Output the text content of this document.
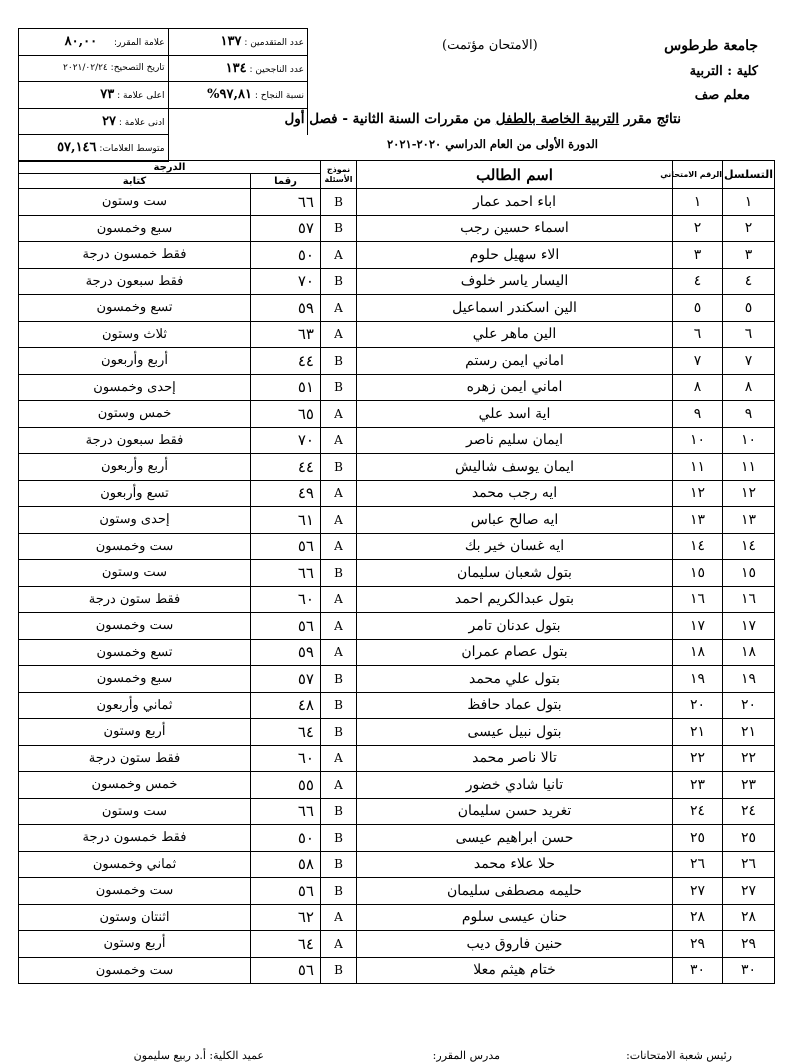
جامعة طرطوس
كلية : التربية
معلم صف
(الامتحان مؤتمت)
عدد المتقدمين : ١٣٧	علامة المقرر: ٨٠,٠٠
عدد الناجحين : ١٣٤	تاريخ التصحيح: ٢٠٢١/٠٢/٢٤
نسبة النجاح : ٩٧,٨١%	اعلى علامة : ٧٣
	ادنى علامة : ٢٧
	متوسط العلامات: ٥٧,١٤٦
نتائج مقرر التربية الخاصة بالطفل من مقررات السنة الثانية - فصل أول
الدورة الأولى من العام الدراسي ٢٠٢٠-٢٠٢١
التسلسل	الرقم الامتحاني	اسم الطالب	نموذج
الأسئلة	الدرجة	
				رقما	كتابة
١	١	اباء احمد عمار	B	٦٦	ست وستون
٢	٢	اسماء حسين رجب	B	٥٧	سبع وخمسون
٣	٣	الاء سهيل حلوم	A	٥٠	فقط خمسون درجة
٤	٤	اليسار ياسر خلوف	B	٧٠	فقط سبعون درجة
٥	٥	الين اسكندر اسماعيل	A	٥٩	تسع وخمسون
٦	٦	الين ماهر علي	A	٦٣	ثلاث وستون
٧	٧	اماني ايمن رستم	B	٤٤	أربع وأربعون
٨	٨	اماني ايمن زهره	B	٥١	إحدى وخمسون
٩	٩	اية اسد علي	A	٦٥	خمس وستون
١٠	١٠	ايمان سليم ناصر	A	٧٠	فقط سبعون درجة
١١	١١	ايمان يوسف شاليش	B	٤٤	أربع وأربعون
١٢	١٢	ايه رجب محمد	A	٤٩	تسع وأربعون
١٣	١٣	ايه صالح عباس	A	٦١	إحدى وستون
١٤	١٤	ايه غسان خير بك	A	٥٦	ست وخمسون
١٥	١٥	بتول شعبان سليمان	B	٦٦	ست وستون
١٦	١٦	بتول عبدالكريم احمد	A	٦٠	فقط ستون درجة
١٧	١٧	بتول عدنان تامر	A	٥٦	ست وخمسون
١٨	١٨	بتول عصام عمران	A	٥٩	تسع وخمسون
١٩	١٩	بتول علي محمد	B	٥٧	سبع وخمسون
٢٠	٢٠	بتول عماد حافظ	B	٤٨	ثماني وأربعون
٢١	٢١	بتول نبيل عيسى	B	٦٤	أربع وستون
٢٢	٢٢	تالا ناصر محمد	A	٦٠	فقط ستون درجة
٢٣	٢٣	تانيا شادي خضور	A	٥٥	خمس وخمسون
٢٤	٢٤	تغريد حسن سليمان	B	٦٦	ست وستون
٢٥	٢٥	حسن ابراهيم عيسى	B	٥٠	فقط خمسون درجة
٢٦	٢٦	حلا علاء محمد	B	٥٨	ثماني وخمسون
٢٧	٢٧	حليمه مصطفى سليمان	B	٥٦	ست وخمسون
٢٨	٢٨	حنان عيسى سلوم	A	٦٢	اثنتان وستون
٢٩	٢٩	حنين فاروق ديب	A	٦٤	أربع وستون
٣٠	٣٠	ختام هيثم معلا	B	٥٦	ست وخمسون
رئيس شعبة الامتحانات:
مدرس المقرر:
عميد الكلية: أ.د ربيع سليمون
